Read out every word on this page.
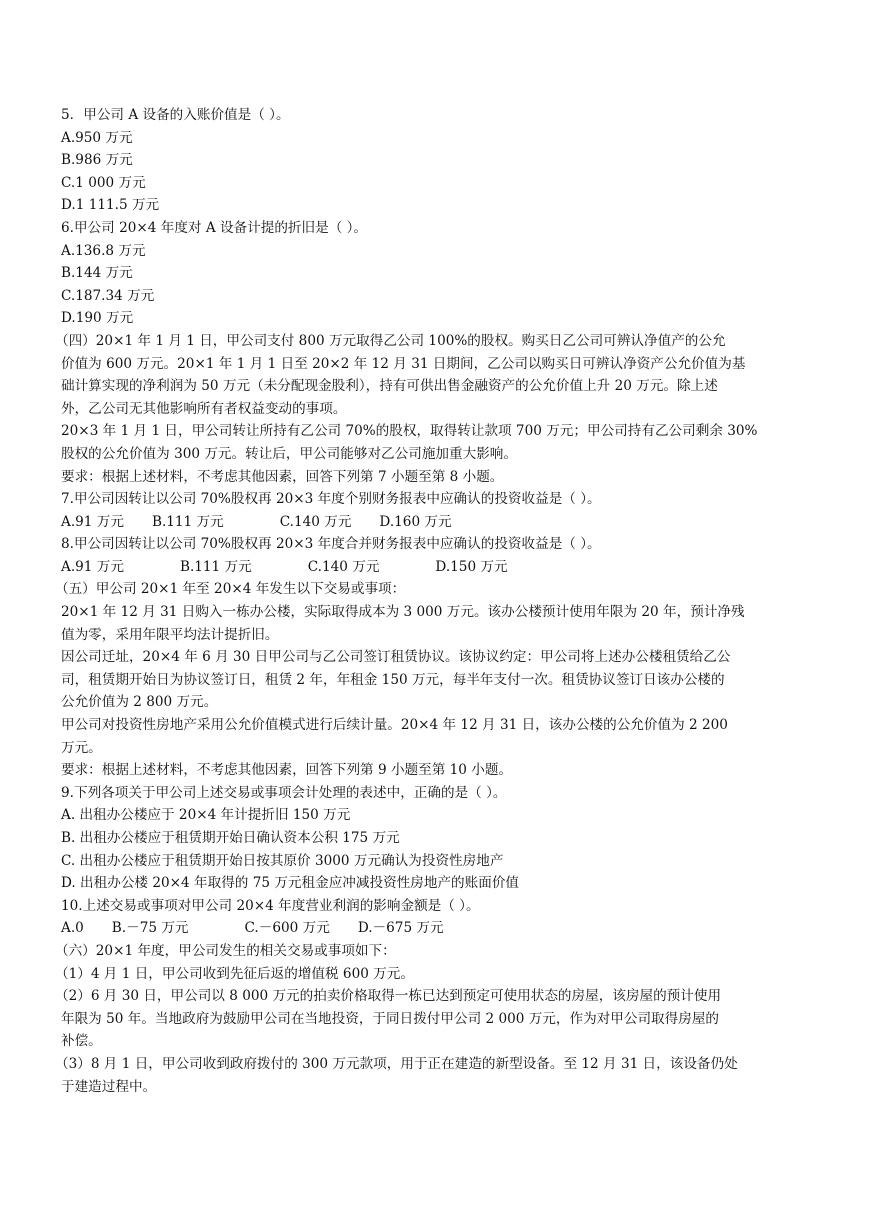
5．甲公司 A 设备的入账价值是（ ）。
A.950 万元
B.986 万元
C.1 000 万元
D.1 111.5 万元
6.甲公司 20×4 年度对 A 设备计提的折旧是（ ）。
A.136.8 万元
B.144 万元
C.187.34 万元
D.190 万元
（四）20×1 年 1 月 1 日，甲公司支付 800 万元取得乙公司 100%的股权。购买日乙公司可辨认净值产的公允
价值为 600 万元。20×1 年 1 月 1 日至 20×2 年 12 月 31 日期间，乙公司以购买日可辨认净资产公允价值为基
础计算实现的净利润为 50 万元（未分配现金股利），持有可供出售金融资产的公允价值上升 20 万元。除上述
外，乙公司无其他影响所有者权益变动的事项。
20×3 年 1 月 1 日，甲公司转让所持有乙公司 70%的股权，取得转让款项 700 万元；甲公司持有乙公司剩余 30%
股权的公允价值为 300 万元。转让后，甲公司能够对乙公司施加重大影响。
要求：根据上述材料，不考虑其他因素，回答下列第 7 小题至第 8 小题。
7.甲公司因转让以公司 70%股权再 20×3 年度个别财务报表中应确认的投资收益是（ ）。
A.91 万元 B.111 万元	C.140 万元 D.160 万元
8.甲公司因转让以公司 70%股权再 20×3 年度合并财务报表中应确认的投资收益是（ ）。
A.91 万元	B.111 万元	C.140 万元	D.150 万元
（五）甲公司 20×1 年至 20×4 年发生以下交易或事项：
20×1 年 12 月 31 日购入一栋办公楼，实际取得成本为 3 000 万元。该办公楼预计使用年限为 20 年，预计净残
值为零，采用年限平均法计提折旧。
因公司迁址，20×4 年 6 月 30 日甲公司与乙公司签订租赁协议。该协议约定：甲公司将上述办公楼租赁给乙公
司，租赁期开始日为协议签订日，租赁 2 年，年租金 150 万元，每半年支付一次。租赁协议签订日该办公楼的
公允价值为 2 800 万元。
甲公司对投资性房地产采用公允价值模式进行后续计量。20×4 年 12 月 31 日，该办公楼的公允价值为 2 200
万元。
要求：根据上述材料，不考虑其他因素，回答下列第 9 小题至第 10 小题。
9.下列各项关于甲公司上述交易或事项会计处理的表述中，正确的是（ ）。
A. 出租办公楼应于 20×4 年计提折旧 150 万元
B. 出租办公楼应于租赁期开始日确认资本公积 175 万元
C. 出租办公楼应于租赁期开始日按其原价 3000 万元确认为投资性房地产
D. 出租办公楼 20×4 年取得的 75 万元租金应冲减投资性房地产的账面价值
10.上述交易或事项对甲公司 20×4 年度营业利润的影响金额是（ ）。
A.0 B.－75 万元	C.－600 万元 D.－675 万元
（六）20×1 年度，甲公司发生的相关交易或事项如下：
（1）4 月 1 日，甲公司收到先征后返的增值税 600 万元。
（2）6 月 30 日，甲公司以 8 000 万元的拍卖价格取得一栋已达到预定可使用状态的房屋，该房屋的预计使用
年限为 50 年。当地政府为鼓励甲公司在当地投资，于同日拨付甲公司 2 000 万元，作为对甲公司取得房屋的
补偿。
（3）8 月 1 日，甲公司收到政府拨付的 300 万元款项，用于正在建造的新型设备。至 12 月 31 日，该设备仍处
于建造过程中。
